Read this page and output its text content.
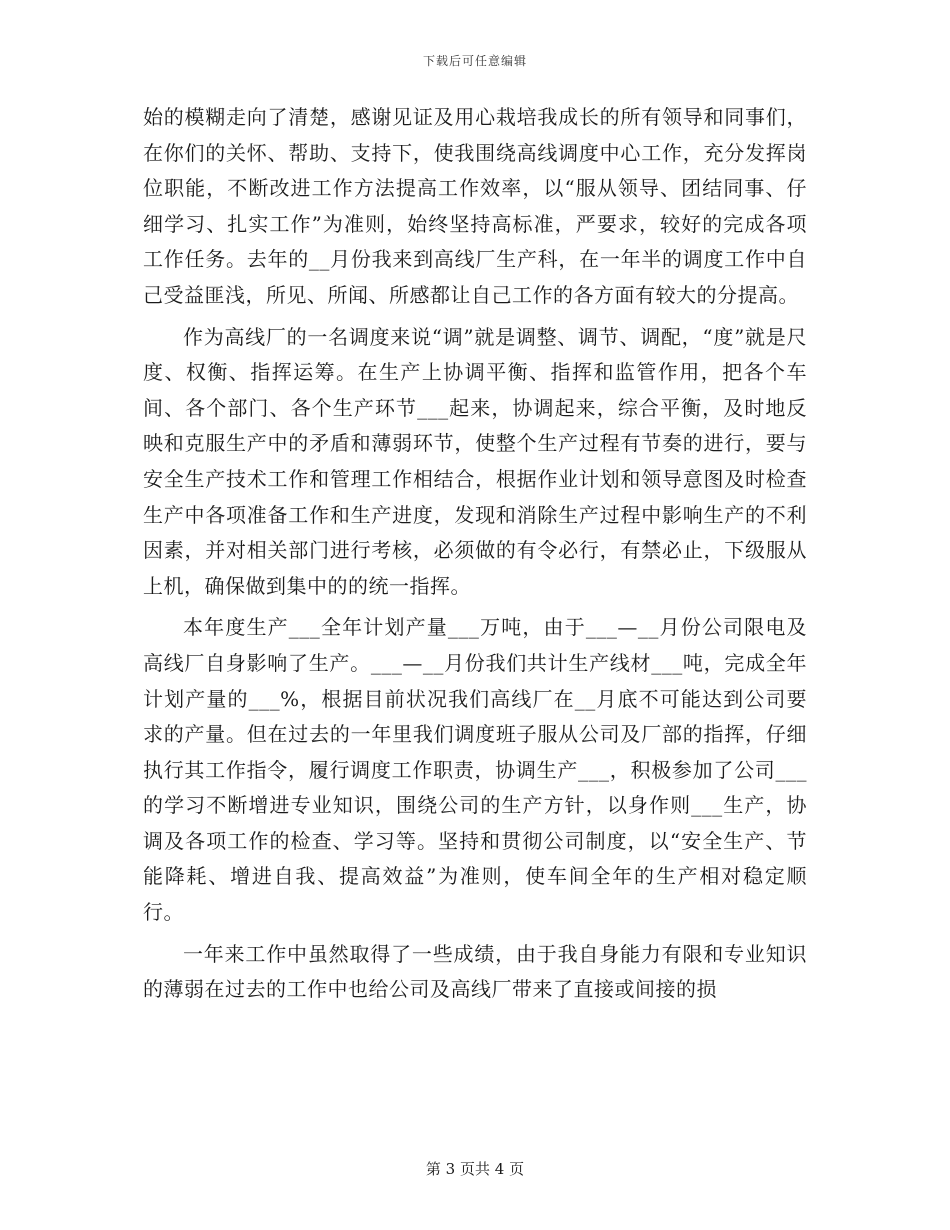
下载后可任意编辑

始的模糊走向了清楚，感谢见证及用心栽培我成长的所有领导和同事们，在你们的关怀、帮助、支持下，使我围绕高线调度中心工作，充分发挥岗位职能，不断改进工作方法提高工作效率，以“服从领导、团结同事、仔细学习、扎实工作”为准则，始终坚持高标准，严要求，较好的完成各项工作任务。去年的__月份我来到高线厂生产科，在一年半的调度工作中自己受益匪浅，所见、所闻、所感都让自己工作的各方面有较大的分提高。

作为高线厂的一名调度来说“调”就是调整、调节、调配，“度”就是尺度、权衡、指挥运筹。在生产上协调平衡、指挥和监管作用，把各个车间、各个部门、各个生产环节___起来，协调起来，综合平衡，及时地反映和克服生产中的矛盾和薄弱环节，使整个生产过程有节奏的进行，要与安全生产技术工作和管理工作相结合，根据作业计划和领导意图及时检查生产中各项准备工作和生产进度，发现和消除生产过程中影响生产的不利因素，并对相关部门进行考核，必须做的有令必行，有禁必止，下级服从上机，确保做到集中的的统一指挥。

本年度生产___全年计划产量___万吨，由于___—__月份公司限电及高线厂自身影响了生产。___—__月份我们共计生产线材___吨，完成全年计划产量的___%，根据目前状况我们高线厂在__月底不可能达到公司要求的产量。但在过去的一年里我们调度班子服从公司及厂部的指挥，仔细执行其工作指令，履行调度工作职责，协调生产___，积极参加了公司___的学习不断增进专业知识，围绕公司的生产方针，以身作则___生产，协调及各项工作的检查、学习等。坚持和贯彻公司制度，以“安全生产、节能降耗、增进自我、提高效益”为准则，使车间全年的生产相对稳定顺行。

一年来工作中虽然取得了一些成绩，由于我自身能力有限和专业知识的薄弱在过去的工作中也给公司及高线厂带来了直接或间接的损

第 3 页共 4 页
